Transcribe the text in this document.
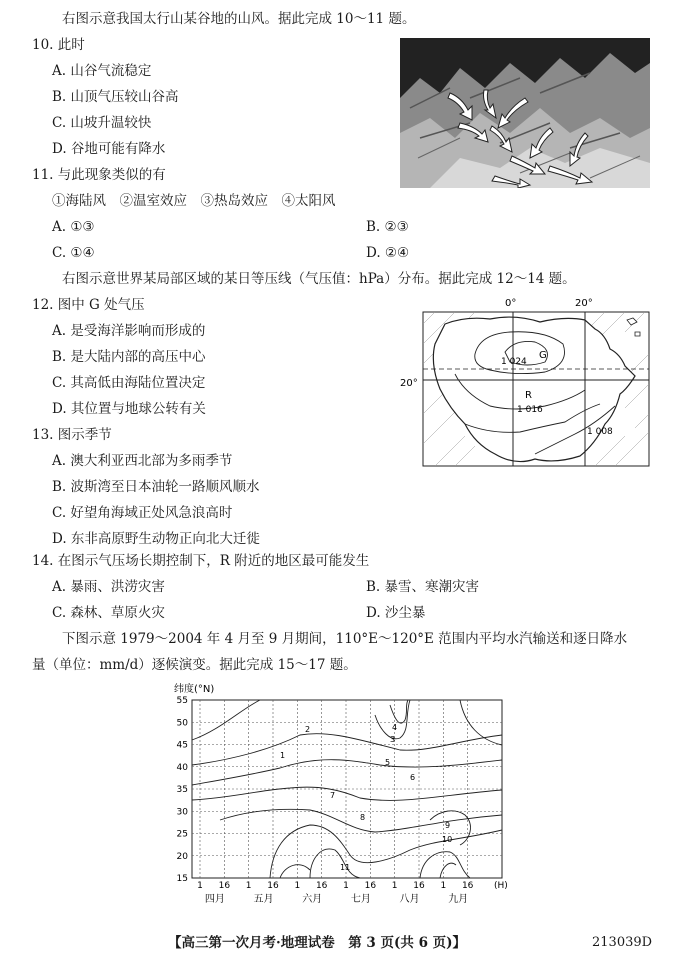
右图示意我国太行山某谷地的山风。据此完成 10～11 题。
10. 此时
A. 山谷气流稳定
B. 山顶气压较山谷高
C. 山坡升温较快
D. 谷地可能有降水
11. 与此现象类似的有
①海陆风　②温室效应　③热岛效应　④太阳风
A. ①③	B. ②③
C. ①④	D. ②④
右图示意世界某局部区域的某日等压线（气压值：hPa）分布。据此完成 12～14 题。
12. 图中 G 处气压
A. 是受海洋影响而形成的
B. 是大陆内部的高压中心
C. 其高低由海陆位置决定
D. 其位置与地球公转有关
13. 图示季节
A. 澳大利亚西北部为多雨季节
B. 波斯湾至日本油轮一路顺风顺水
C. 好望角海域正处风急浪高时
D. 东非高原野生动物正向北大迁徙
0°	20°
20°
G
1 024
R
1 016
1 008
14. 在图示气压场长期控制下，R 附近的地区最可能发生
A. 暴雨、洪涝灾害	B. 暴雪、寒潮灾害
C. 森林、草原火灾	D. 沙尘暴
下图示意 1979～2004 年 4 月至 9 月期间，110°E～120°E 范围内平均水汽输送和逐日降水
量（单位：mm/d）逐候演变。据此完成 15～17 题。
纬度(°N)
55
50
45
40
35
30
25
20
15
1 16 1 16 1 16 1 16 1 16 1 16 (H)
四月	五月	六月	七月	八月	九月
1
2
3
4
5
6
7
8
9
10
11
【高三第一次月考·地理试卷　第 3 页(共 6 页)】	213039D
